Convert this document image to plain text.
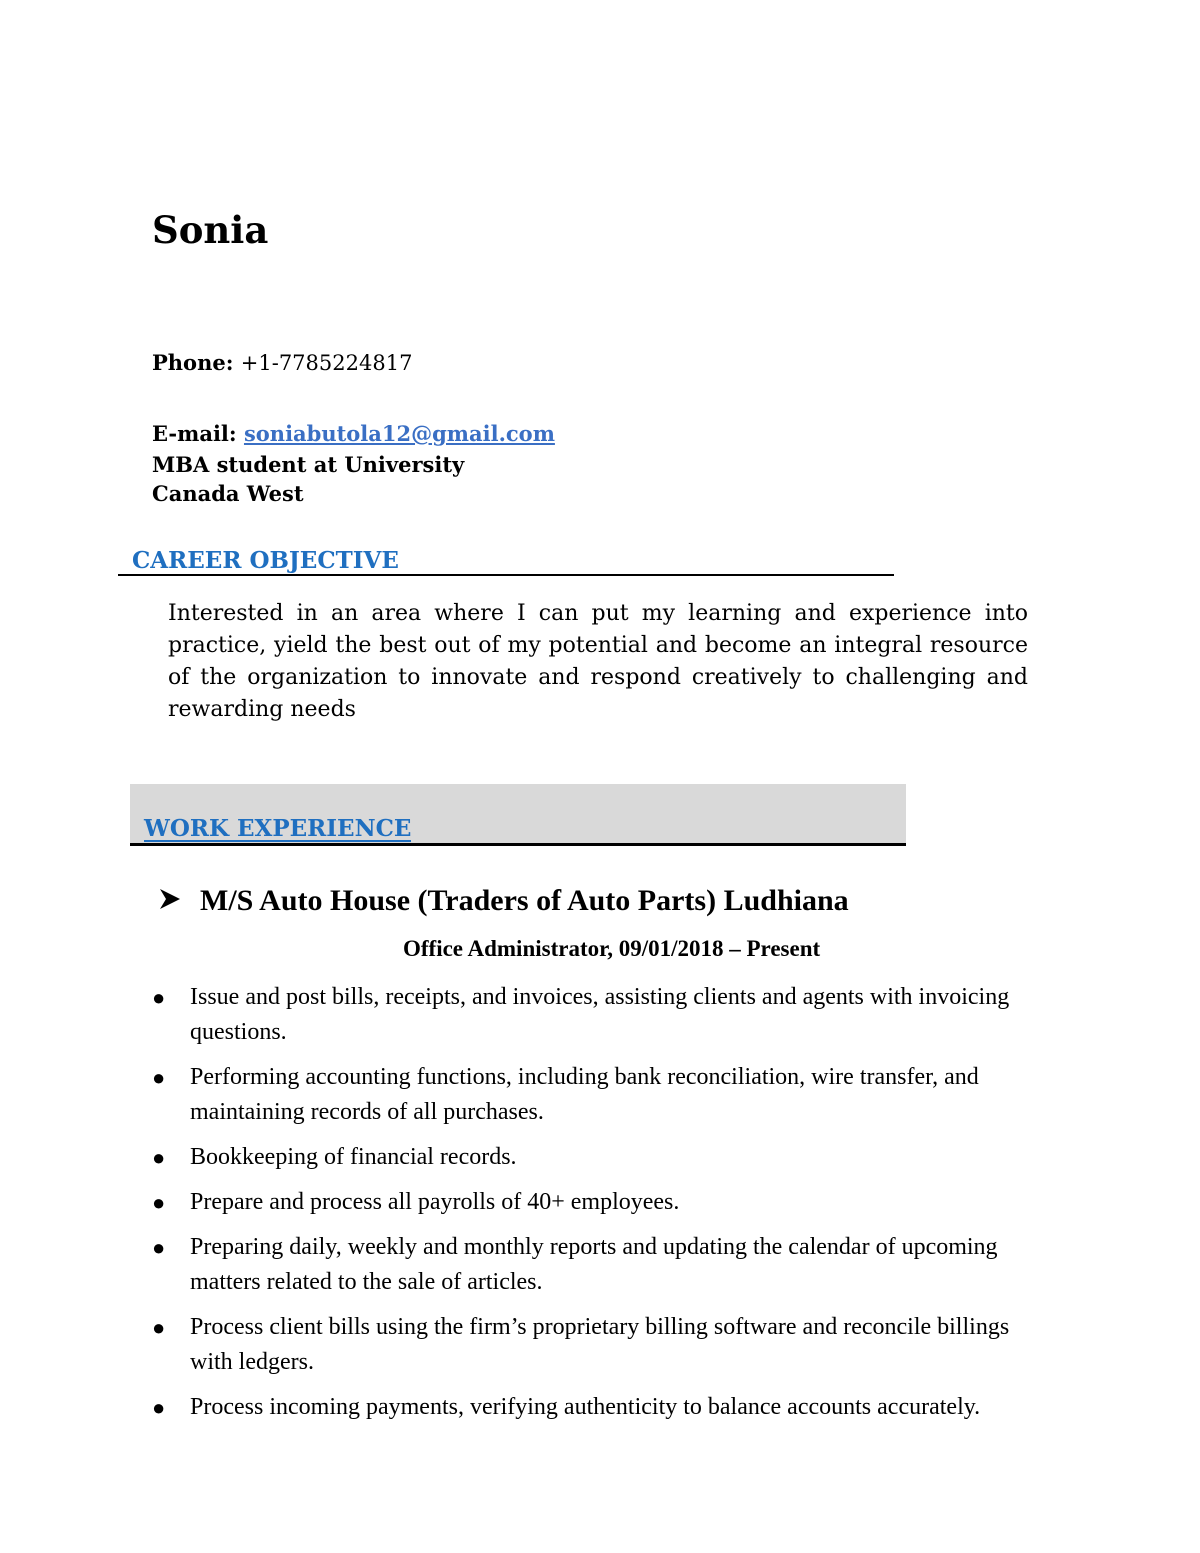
Sonia
Phone: +1-7785224817
E-mail: soniabutola12@gmail.com
MBA student at University
Canada West
CAREER OBJECTIVE
Interested in an area where I can put my learning and experience into practice, yield the best out of my potential and become an integral resource of the organization to innovate and respond creatively to challenging and rewarding needs
WORK EXPERIENCE
M/S Auto House (Traders of Auto Parts) Ludhiana
Office Administrator, 09/01/2018 – Present
● Issue and post bills, receipts, and invoices, assisting clients and agents with invoicing questions.
● Performing accounting functions, including bank reconciliation, wire transfer, and maintaining records of all purchases.
● Bookkeeping of financial records.
● Prepare and process all payrolls of 40+ employees.
● Preparing daily, weekly and monthly reports and updating the calendar of upcoming matters related to the sale of articles.
● Process client bills using the firm’s proprietary billing software and reconcile billings with ledgers.
● Process incoming payments, verifying authenticity to balance accounts accurately.
